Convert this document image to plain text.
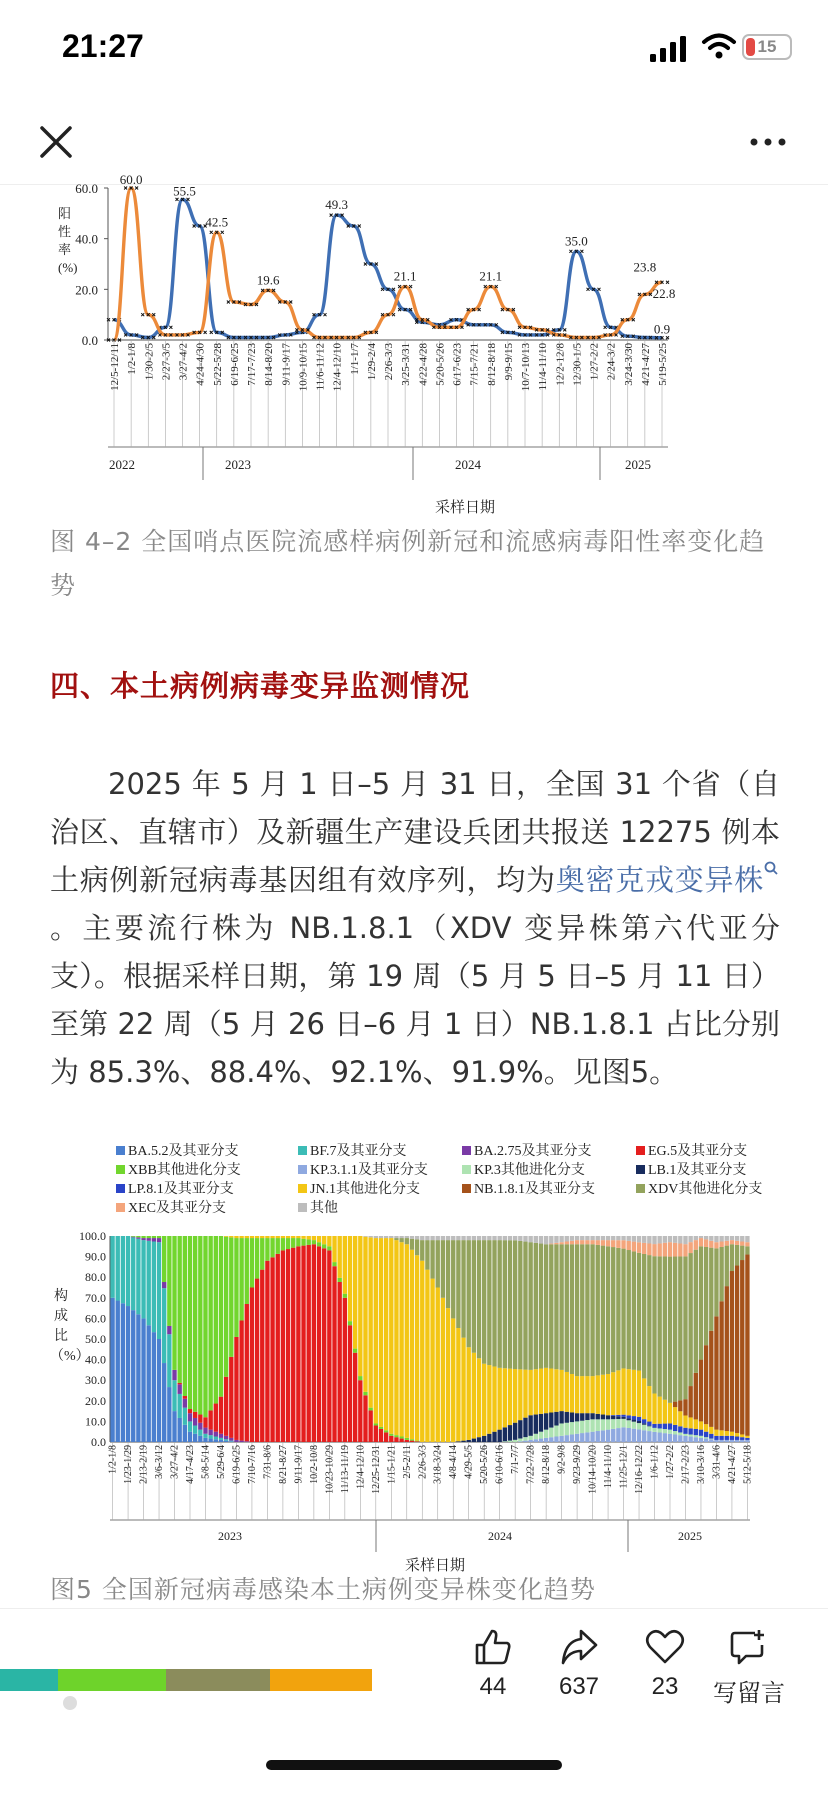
21:27	15
阳
性
率
(%)
60.0
40.0
20.0
0.0
60.0
55.5
42.5
19.6
49.3
21.1	21.1
35.0
23.8
22.8
0.9
12/5-12/11 1/2-1/8 1/30-2/5 2/27-3/5 3/27-4/2 4/24-4/30 5/22-5/28 6/19-6/25 7/17-7/23 8/14-8/20 9/11-9/17 10/9-10/15 11/6-11/12 12/4-12/10 1/1-1/7 1/29-2/4 2/26-3/3 3/25-3/31 4/22-4/28 5/20-5/26 6/17-6/23 7/15-7/21 8/12-8/18 9/9-9/15 10/7-10/13 11/4-11/10 12/2-12/8 12/30-1/5 1/27-2/2 2/24-3/2 3/24-3/30 4/21-4/27 5/19-5/25
2022	2023	2024	2025
采样日期
图 4–2 全国哨点医院流感样病例新冠和流感病毒阳性率变化趋势
四、本土病例病毒变异监测情况
2025 年 5 月 1 日–5 月 31 日，全国 31 个省（自治区、直辖市）及新疆生产建设兵团共报送 12275 例本土病例新冠病毒基因组有效序列，均为奥密克戎变异株。主要流行株为 NB.1.8.1（XDV 变异株第六代亚分支）。根据采样日期，第 19 周（5 月 5 日–5 月 11 日）至第 22 周（5 月 26 日–6 月 1 日）NB.1.8.1 占比分别为 85.3%、88.4%、92.1%、91.9%。见图5。
BA.5.2及其亚分支	BF.7及其亚分支	BA.2.75及其亚分支	EG.5及其亚分支
XBB其他进化分支	KP.3.1.1及其亚分支	KP.3其他进化分支	LB.1及其亚分支
LP.8.1及其亚分支	JN.1其他进化分支	NB.1.8.1及其亚分支	XDV其他进化分支
XEC及其亚分支	其他
构
成
比
（%）
100.0
90.0
80.0
70.0
60.0
50.0
40.0
30.0
20.0
10.0
0.0
1/2-1/8 1/23-1/29 2/13-2/19 3/6-3/12 3/27-4/2 4/17-4/23 5/8-5/14 5/29-6/4 6/19-6/25 7/10-7/16 7/31-8/6 8/21-8/27 9/11-9/17 10/2-10/8 10/23-10/29 11/13-11/19 12/4-12/10 12/25-12/31 1/15-1/21 2/5-2/11 2/26-3/3 3/18-3/24 4/8-4/14 4/29-5/5 5/20-5/26 6/10-6/16 7/1-7/7 7/22-7/28 8/12-8/18 9/2-9/8 9/23-9/29 10/14-10/20 11/4-11/10 11/25-12/1 12/16-12/22 1/6-1/12 1/27-2/2 2/17-2/23 3/10-3/16 3/31-4/6 4/21-4/27 5/12-5/18
2023	2024	2025
采样日期
图5 全国新冠病毒感染本土病例变异株变化趋势
44	637	23	写留言
